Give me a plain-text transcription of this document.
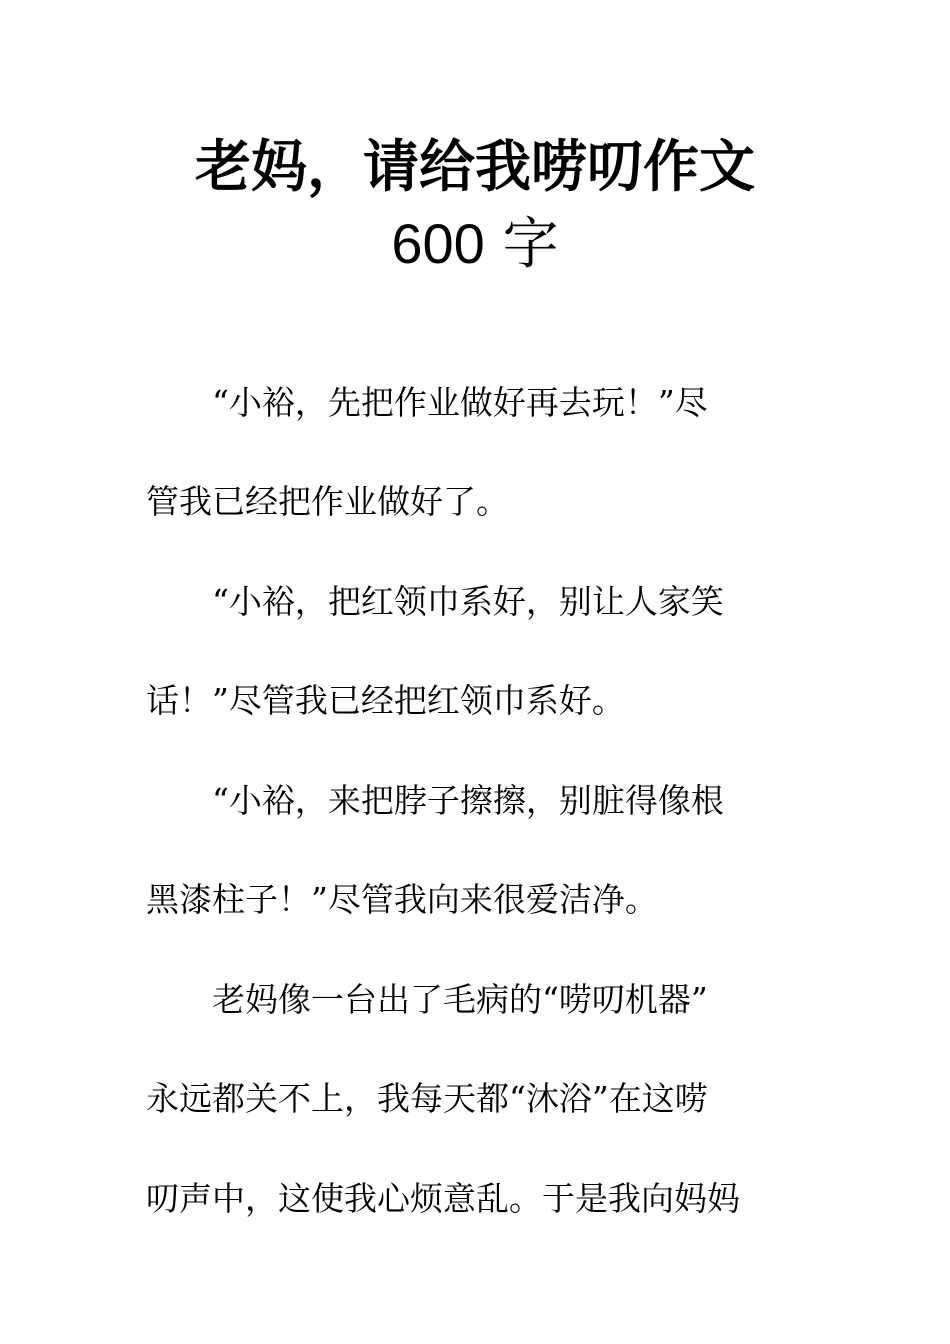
老妈，请给我唠叨作文
600 字
　　“小裕，先把作业做好再去玩！”尽
管我已经把作业做好了。
　　“小裕，把红领巾系好，别让人家笑
话！”尽管我已经把红领巾系好。
　　“小裕，来把脖子擦擦，别脏得像根
黑漆柱子！”尽管我向来很爱洁净。
　　老妈像一台出了毛病的“唠叨机器”
永远都关不上，我每天都“沐浴”在这唠
叨声中，这使我心烦意乱。于是我向妈妈
